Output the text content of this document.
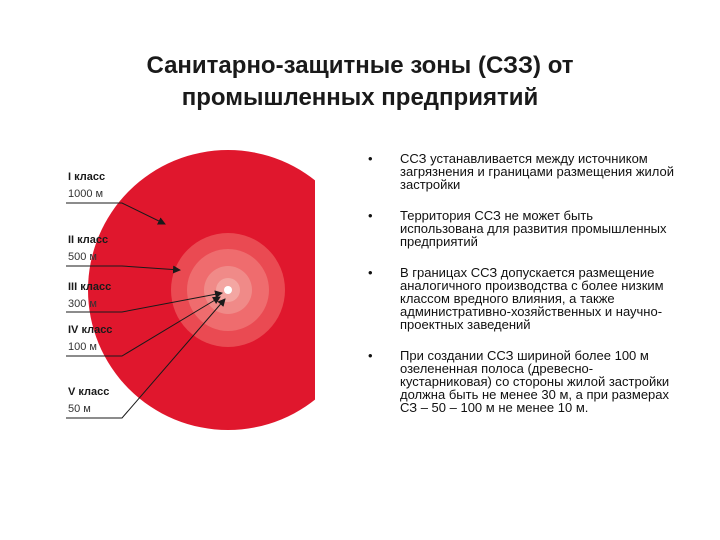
Санитарно-защитные зоны (СЗЗ) от
промышленных предприятий
I класс
1000 м
II класс
500 м
III класс
300 м
IV класс
100 м
V класс
50 м
• ССЗ устанавливается между источником загрязнения и границами размещения жилой застройки
• Территория ССЗ не может быть использована для развития промышленных предприятий
• В границах ССЗ допускается размещение аналогичного производства с более низким классом вредного влияния, а также административно-хозяйственных и научно-проектных заведений
• При создании ССЗ шириной более 100 м озелененная полоса (древесно-кустарниковая) со стороны жилой застройки должна быть не менее 30 м, а при размерах СЗ – 50 – 100 м не менее 10 м.
